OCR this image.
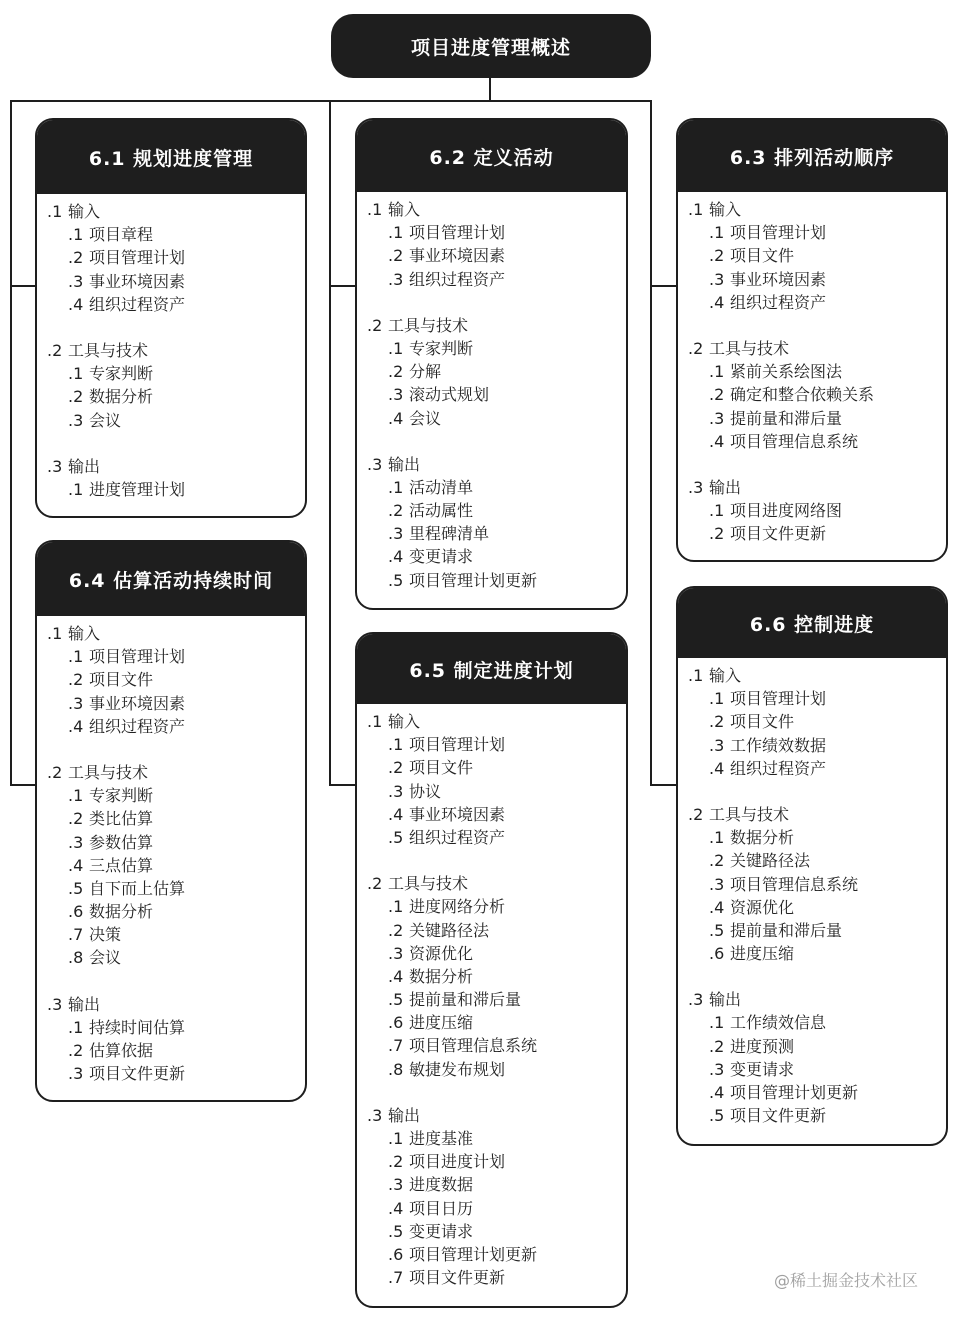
项目进度管理概述
6.1 规划进度管理
.1 输入
.1 项目章程
.2 项目管理计划
.3 事业环境因素
.4 组织过程资产
.2 工具与技术
.1 专家判断
.2 数据分析
.3 会议
.3 输出
.1 进度管理计划
6.2 定义活动
.1 输入
.1 项目管理计划
.2 事业环境因素
.3 组织过程资产
.2 工具与技术
.1 专家判断
.2 分解
.3 滚动式规划
.4 会议
.3 输出
.1 活动清单
.2 活动属性
.3 里程碑清单
.4 变更请求
.5 项目管理计划更新
6.3 排列活动顺序
.1 输入
.1 项目管理计划
.2 项目文件
.3 事业环境因素
.4 组织过程资产
.2 工具与技术
.1 紧前关系绘图法
.2 确定和整合依赖关系
.3 提前量和滞后量
.4 项目管理信息系统
.3 输出
.1 项目进度网络图
.2 项目文件更新
6.4 估算活动持续时间
.1 输入
.1 项目管理计划
.2 项目文件
.3 事业环境因素
.4 组织过程资产
.2 工具与技术
.1 专家判断
.2 类比估算
.3 参数估算
.4 三点估算
.5 自下而上估算
.6 数据分析
.7 决策
.8 会议
.3 输出
.1 持续时间估算
.2 估算依据
.3 项目文件更新
6.5 制定进度计划
.1 输入
.1 项目管理计划
.2 项目文件
.3 协议
.4 事业环境因素
.5 组织过程资产
.2 工具与技术
.1 进度网络分析
.2 关键路径法
.3 资源优化
.4 数据分析
.5 提前量和滞后量
.6 进度压缩
.7 项目管理信息系统
.8 敏捷发布规划
.3 输出
.1 进度基准
.2 项目进度计划
.3 进度数据
.4 项目日历
.5 变更请求
.6 项目管理计划更新
.7 项目文件更新
6.6 控制进度
.1 输入
.1 项目管理计划
.2 项目文件
.3 工作绩效数据
.4 组织过程资产
.2 工具与技术
.1 数据分析
.2 关键路径法
.3 项目管理信息系统
.4 资源优化
.5 提前量和滞后量
.6 进度压缩
.3 输出
.1 工作绩效信息
.2 进度预测
.3 变更请求
.4 项目管理计划更新
.5 项目文件更新
@稀土掘金技术社区
